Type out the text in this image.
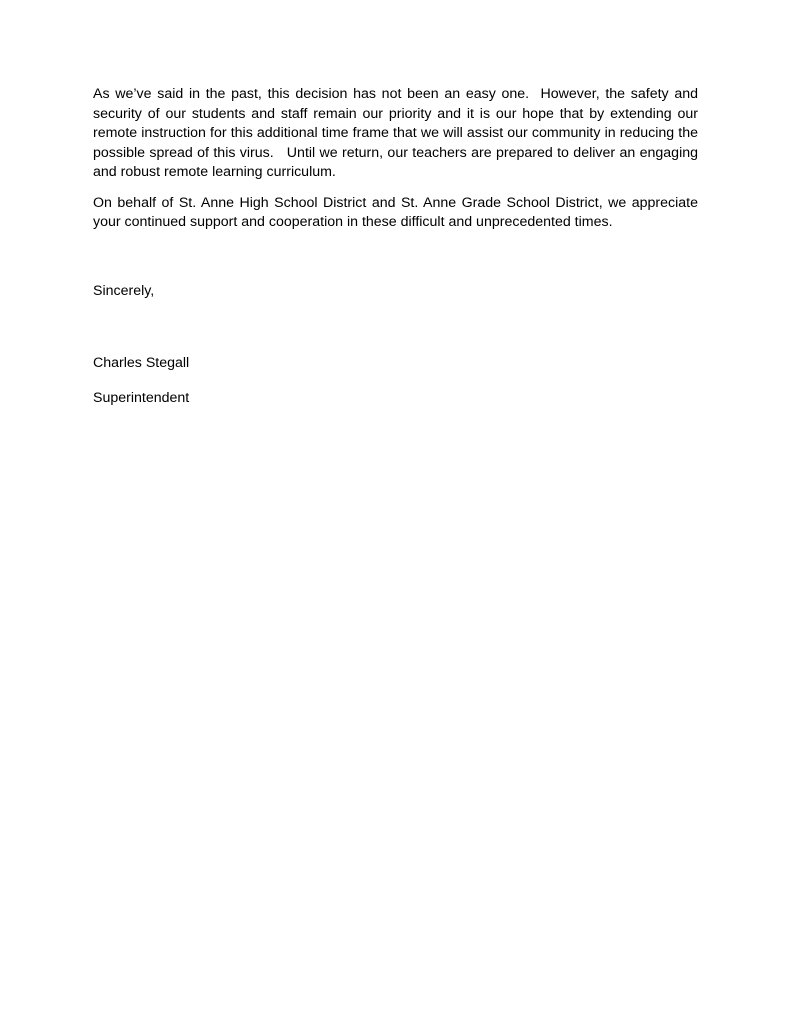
As we’ve said in the past, this decision has not been an easy one.  However, the safety and security of our students and staff remain our priority and it is our hope that by extending our remote instruction for this additional time frame that we will assist our community in reducing the possible spread of this virus.   Until we return, our teachers are prepared to deliver an engaging and robust remote learning curriculum.

On behalf of St. Anne High School District and St. Anne Grade School District, we appreciate your continued support and cooperation in these difficult and unprecedented times.

Sincerely,

Charles Stegall

Superintendent
